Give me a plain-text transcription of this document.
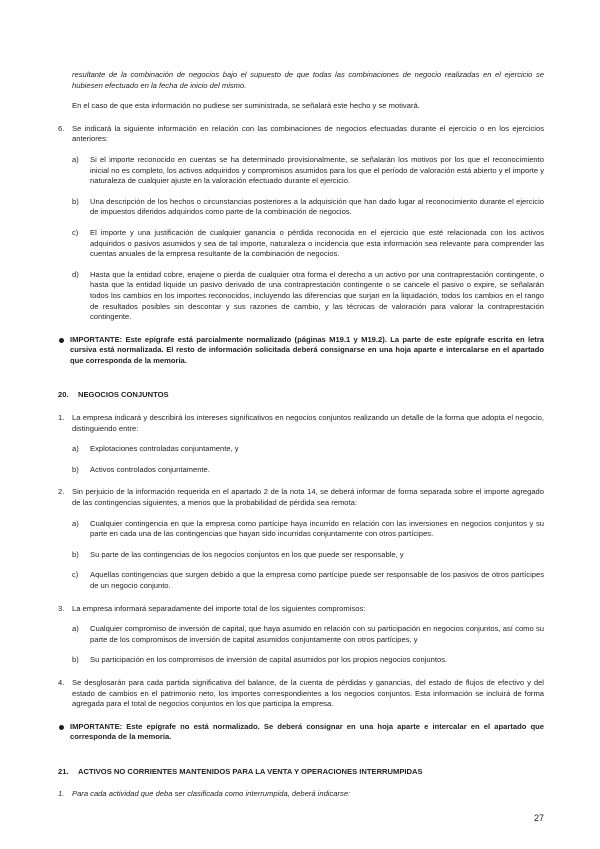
resultante de la combinación de negocios bajo el supuesto de que todas las combinaciones de negocio realizadas en el ejercicio se hubiesen efectuado en la fecha de inicio del mismo.

En el caso de que esta información no pudiese ser suministrada, se señalará este hecho y se motivará.

6. Se indicará la siguiente información en relación con las combinaciones de negocios efectuadas durante el ejercicio o en los ejercicios anteriores:
a) Si el importe reconocido en cuentas se ha determinado provisionalmente, se señalarán los motivos por los que el reconocimiento inicial no es completo, los activos adquiridos y compromisos asumidos para los que el período de valoración está abierto y el importe y naturaleza de cualquier ajuste en la valoración efectuado durante el ejercicio.
b) Una descripción de los hechos o circunstancias posteriores a la adquisición que han dado lugar al reconocimiento durante el ejercicio de impuestos diferidos adquiridos como parte de la combinación de negocios.
c) El importe y una justificación de cualquier ganancia o pérdida reconocida en el ejercicio que esté relacionada con los activos adquiridos o pasivos asumidos y sea de tal importe, naturaleza o incidencia que esta información sea relevante para comprender las cuentas anuales de la empresa resultante de la combinación de negocios.
d) Hasta que la entidad cobre, enajene o pierda de cualquier otra forma el derecho a un activo por una contraprestación contingente, o hasta que la entidad liquide un pasivo derivado de una contraprestación contingente o se cancele el pasivo o expire, se señalarán todos los cambios en los importes reconocidos, incluyendo las diferencias que surjan en la liquidación, todos los cambios en el rango de resultados posibles sin descontar y sus razones de cambio, y las técnicas de valoración para valorar la contraprestación contingente.
IMPORTANTE: Este epígrafe está parcialmente normalizado (páginas M19.1 y M19.2). La parte de este epígrafe escrita en letra cursiva está normalizada. El resto de información solicitada deberá consignarse en una hoja aparte e intercalarse en el apartado que corresponda de la memoria.

20. NEGOCIOS CONJUNTOS

1. La empresa indicará y describirá los intereses significativos en negocios conjuntos realizando un detalle de la forma que adopta el negocio, distinguiendo entre:
a) Explotaciones controladas conjuntamente, y
b) Activos controlados conjuntamente.
2. Sin perjuicio de la información requerida en el apartado 2 de la nota 14, se deberá informar de forma separada sobre el importe agregado de las contingencias siguientes, a menos que la probabilidad de pérdida sea remota:
a) Cualquier contingencia en que la empresa como partícipe haya incurrido en relación con las inversiones en negocios conjuntos y su parte en cada una de las contingencias que hayan sido incurridas conjuntamente con otros partícipes.
b) Su parte de las contingencias de los negocios conjuntos en los que puede ser responsable, y
c) Aquellas contingencias que surgen debido a que la empresa como partícipe puede ser responsable de los pasivos de otros partícipes de un negocio conjunto.
3. La empresa informará separadamente del importe total de los siguientes compromisos:
a) Cualquier compromiso de inversión de capital, que haya asumido en relación con su participación en negocios conjuntos, así como su parte de los compromisos de inversión de capital asumidos conjuntamente con otros partícipes, y
b) Su participación en los compromisos de inversión de capital asumidos por los propios negocios conjuntos.
4. Se desglosarán para cada partida significativa del balance, de la cuenta de pérdidas y ganancias, del estado de flujos de efectivo y del estado de cambios en el patrimonio neto, los importes correspondientes a los negocios conjuntos. Esta información se incluirá de forma agregada para el total de negocios conjuntos en los que participa la empresa.
IMPORTANTE: Este epígrafe no está normalizado. Se deberá consignar en una hoja aparte e intercalar en el apartado que corresponda de la memoria.

21. ACTIVOS NO CORRIENTES MANTENIDOS PARA LA VENTA Y OPERACIONES INTERRUMPIDAS

1. Para cada actividad que deba ser clasificada como interrumpida, deberá indicarse:
27
